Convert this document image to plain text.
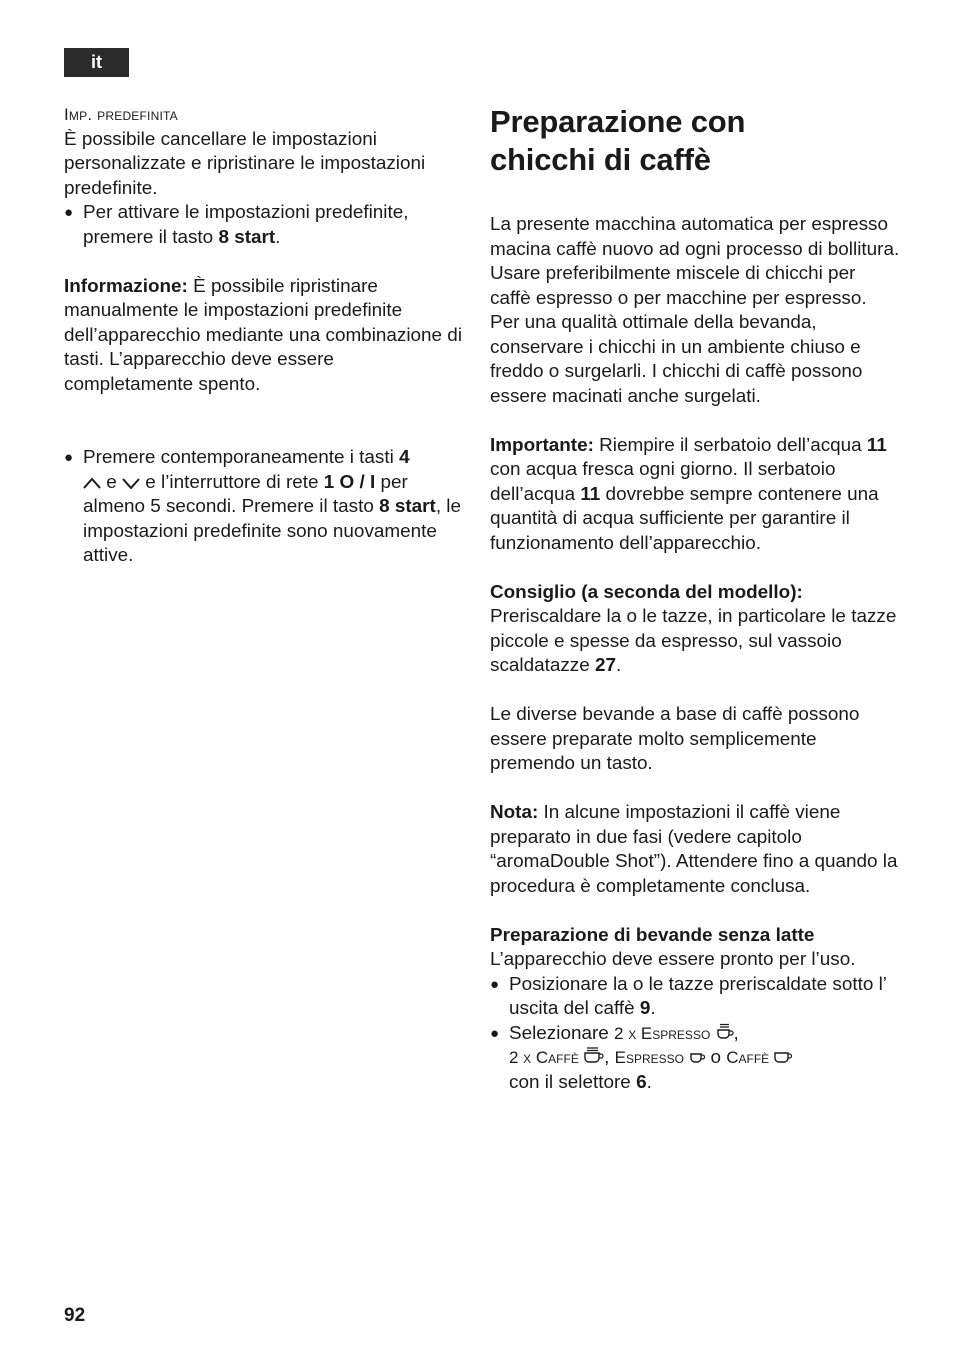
it

Imp. predefinita

È possibile cancellare le impostazioni personalizzate e ripristinare le impostazioni predefinite.

● Per attivare le impostazioni predefinite, premere il tasto 8 start.

Informazione: È possibile ripristinare manualmente le impostazioni predefinite dell’apparecchio mediante una combinazione di tasti. L’apparecchio deve essere completamente spento.

● Premere contemporaneamente i tasti 4
e  e l’interruttore di rete 1 O / I per almeno 5 secondi. Premere il tasto 8 start, le impostazioni predefinite sono nuovamente attive.

Preparazione con
chicchi di caffè

La presente macchina automatica per espresso macina caffè nuovo ad ogni processo di bollitura. Usare preferibilmente miscele di chicchi per caffè espresso o per macchine per espresso. Per una qualità ottimale della bevanda, conservare i chicchi in un ambiente chiuso e freddo o surgelarli. I chicchi di caffè possono essere macinati anche surgelati.

Importante: Riempire il serbatoio dell’acqua 11 con acqua fresca ogni giorno. Il serbatoio dell’acqua 11 dovrebbe sempre contenere una quantità di acqua sufficiente per garantire il funzionamento dell’apparecchio.

Consiglio (a seconda del modello):
Preriscaldare la o le tazze, in particolare le tazze piccole e spesse da espresso, sul vassoio scaldatazze 27.

Le diverse bevande a base di caffè possono essere preparate molto semplicemente premendo un tasto.

Nota: In alcune impostazioni il caffè viene preparato in due fasi (vedere capitolo “aromaDouble Shot”). Attendere fino a quando la procedura è completamente conclusa.

Preparazione di bevande senza latte

L’apparecchio deve essere pronto per l’uso.

● Posizionare la o le tazze preriscaldate sotto l’ uscita del caffè 9.

● Selezionare 2 x Espresso ,
2 x Caffè , Espresso  o Caffè
con il selettore 6.

92
